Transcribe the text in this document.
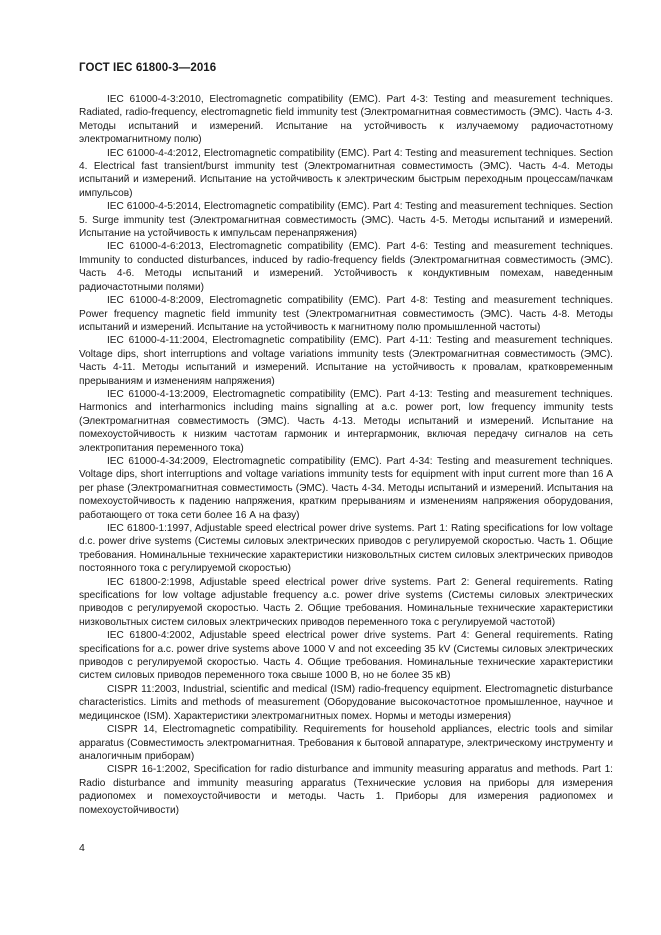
ГОСТ IEC 61800-3—2016

IEC 61000-4-3:2010, Electromagnetic compatibility (EMC). Part 4-3: Testing and measurement techniques. Radiated, radio-frequency, electromagnetic field immunity test (Электромагнитная совместимость (ЭМС). Часть 4-3. Методы испытаний и измерений. Испытание на устойчивость к излучаемому радиочастотному электромагнитному полю)

IEC 61000-4-4:2012, Electromagnetic compatibility (EMC). Part 4: Testing and measurement techniques. Section 4. Electrical fast transient/burst immunity test (Электромагнитная совместимость (ЭМС). Часть 4-4. Методы испытаний и измерений. Испытание на устойчивость к электрическим быстрым переходным процессам/пачкам импульсов)

IEC 61000-4-5:2014, Electromagnetic compatibility (EMC). Part 4: Testing and measurement techniques. Section 5. Surge immunity test (Электромагнитная совместимость (ЭМС). Часть 4-5. Методы испытаний и измерений. Испытание на устойчивость к импульсам перенапряжения)

IEC 61000-4-6:2013, Electromagnetic compatibility (EMC). Part 4-6: Testing and measurement techniques. Immunity to conducted disturbances, induced by radio-frequency fields (Электромагнитная совместимость (ЭМС). Часть 4-6. Методы испытаний и измерений. Устойчивость к кондуктивным помехам, наведенным радиочастотными полями)

IEC 61000-4-8:2009, Electromagnetic compatibility (EMC). Part 4-8: Testing and measurement techniques. Power frequency magnetic field immunity test (Электромагнитная совместимость (ЭМС). Часть 4-8. Методы испытаний и измерений. Испытание на устойчивость к магнитному полю промышленной частоты)

IEC 61000-4-11:2004, Electromagnetic compatibility (EMC). Part 4-11: Testing and measurement techniques. Voltage dips, short interruptions and voltage variations immunity tests (Электромагнитная совместимость (ЭМС). Часть 4-11. Методы испытаний и измерений. Испытание на устойчивость к провалам, кратковременным прерываниям и изменениям напряжения)

IEC 61000-4-13:2009, Electromagnetic compatibility (EMC). Part 4-13: Testing and measurement techniques. Harmonics and interharmonics including mains signalling at a.c. power port, low frequency immunity tests (Электромагнитная совместимость (ЭМС). Часть 4-13. Методы испытаний и измерений. Испытание на помехоустойчивость к низким частотам гармоник и интергармоник, включая передачу сигналов на сеть электропитания переменного тока)

IEC 61000-4-34:2009, Electromagnetic compatibility (EMC). Part 4-34: Testing and measurement techniques. Voltage dips, short interruptions and voltage variations immunity tests for equipment with input current more than 16 A per phase (Электромагнитная совместимость (ЭМС). Часть 4-34. Методы испытаний и измерений. Испытания на помехоустойчивость к падению напряжения, кратким прерываниям и изменениям напряжения оборудования, работающего от тока сети более 16 А на фазу)

IEC 61800-1:1997, Adjustable speed electrical power drive systems. Part 1: Rating specifications for low voltage d.c. power drive systems (Системы силовых электрических приводов с регулируемой скоростью. Часть 1. Общие требования. Номинальные технические характеристики низковольтных систем силовых электрических приводов постоянного тока с регулируемой скоростью)

IEC 61800-2:1998, Adjustable speed electrical power drive systems. Part 2: General requirements. Rating specifications for low voltage adjustable frequency a.c. power drive systems (Системы силовых электрических приводов с регулируемой скоростью. Часть 2. Общие требования. Номинальные технические характеристики низковольтных систем силовых электрических приводов переменного тока с регулируемой частотой)

IEC 61800-4:2002, Adjustable speed electrical power drive systems. Part 4: General requirements. Rating specifications for a.c. power drive systems above 1000 V and not exceeding 35 kV (Системы силовых электрических приводов с регулируемой скоростью. Часть 4. Общие требования. Номинальные технические характеристики систем силовых приводов переменного тока свыше 1000 В, но не более 35 кВ)

CISPR 11:2003, Industrial, scientific and medical (ISM) radio-frequency equipment. Electromagnetic disturbance characteristics. Limits and methods of measurement (Оборудование высокочастотное промышленное, научное и медицинское (ISM). Характеристики электромагнитных помех. Нормы и методы измерения)

CISPR 14, Electromagnetic compatibility. Requirements for household appliances, electric tools and similar apparatus (Совместимость электромагнитная. Требования к бытовой аппаратуре, электрическому инструменту и аналогичным приборам)

CISPR 16-1:2002, Specification for radio disturbance and immunity measuring apparatus and methods. Part 1: Radio disturbance and immunity measuring apparatus (Технические условия на приборы для измерения радиопомех и помехоустойчивости и методы. Часть 1. Приборы для измерения радиопомех и помехоустойчивости)

4
